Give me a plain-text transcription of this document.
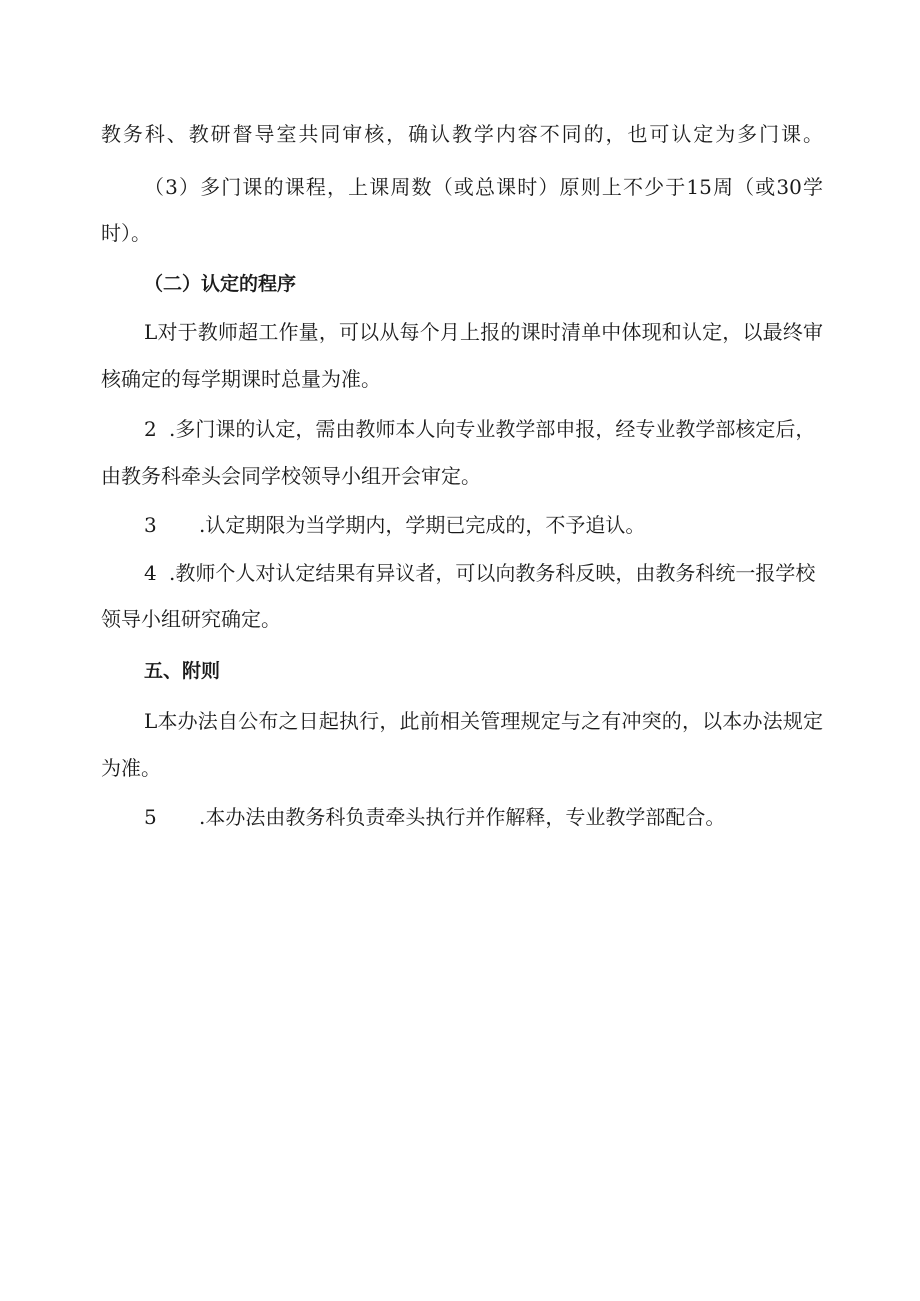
教务科、教研督导室共同审核，确认教学内容不同的，也可认定为多门课。
（3）多门课的课程，上课周数（或总课时）原则上不少于15周（或30学
时）。
（二）认定的程序
L对于教师超工作量，可以从每个月上报的课时清单中体现和认定，以最终审
核确定的每学期课时总量为准。
2 .多门课的认定，需由教师本人向专业教学部申报，经专业教学部核定后，
由教务科牵头会同学校领导小组开会审定。
3 .认定期限为当学期内，学期已完成的，不予追认。
4 .教师个人对认定结果有异议者，可以向教务科反映，由教务科统一报学校
领导小组研究确定。
五、附则
L本办法自公布之日起执行，此前相关管理规定与之有冲突的，以本办法规定
为准。
5 .本办法由教务科负责牵头执行并作解释，专业教学部配合。
